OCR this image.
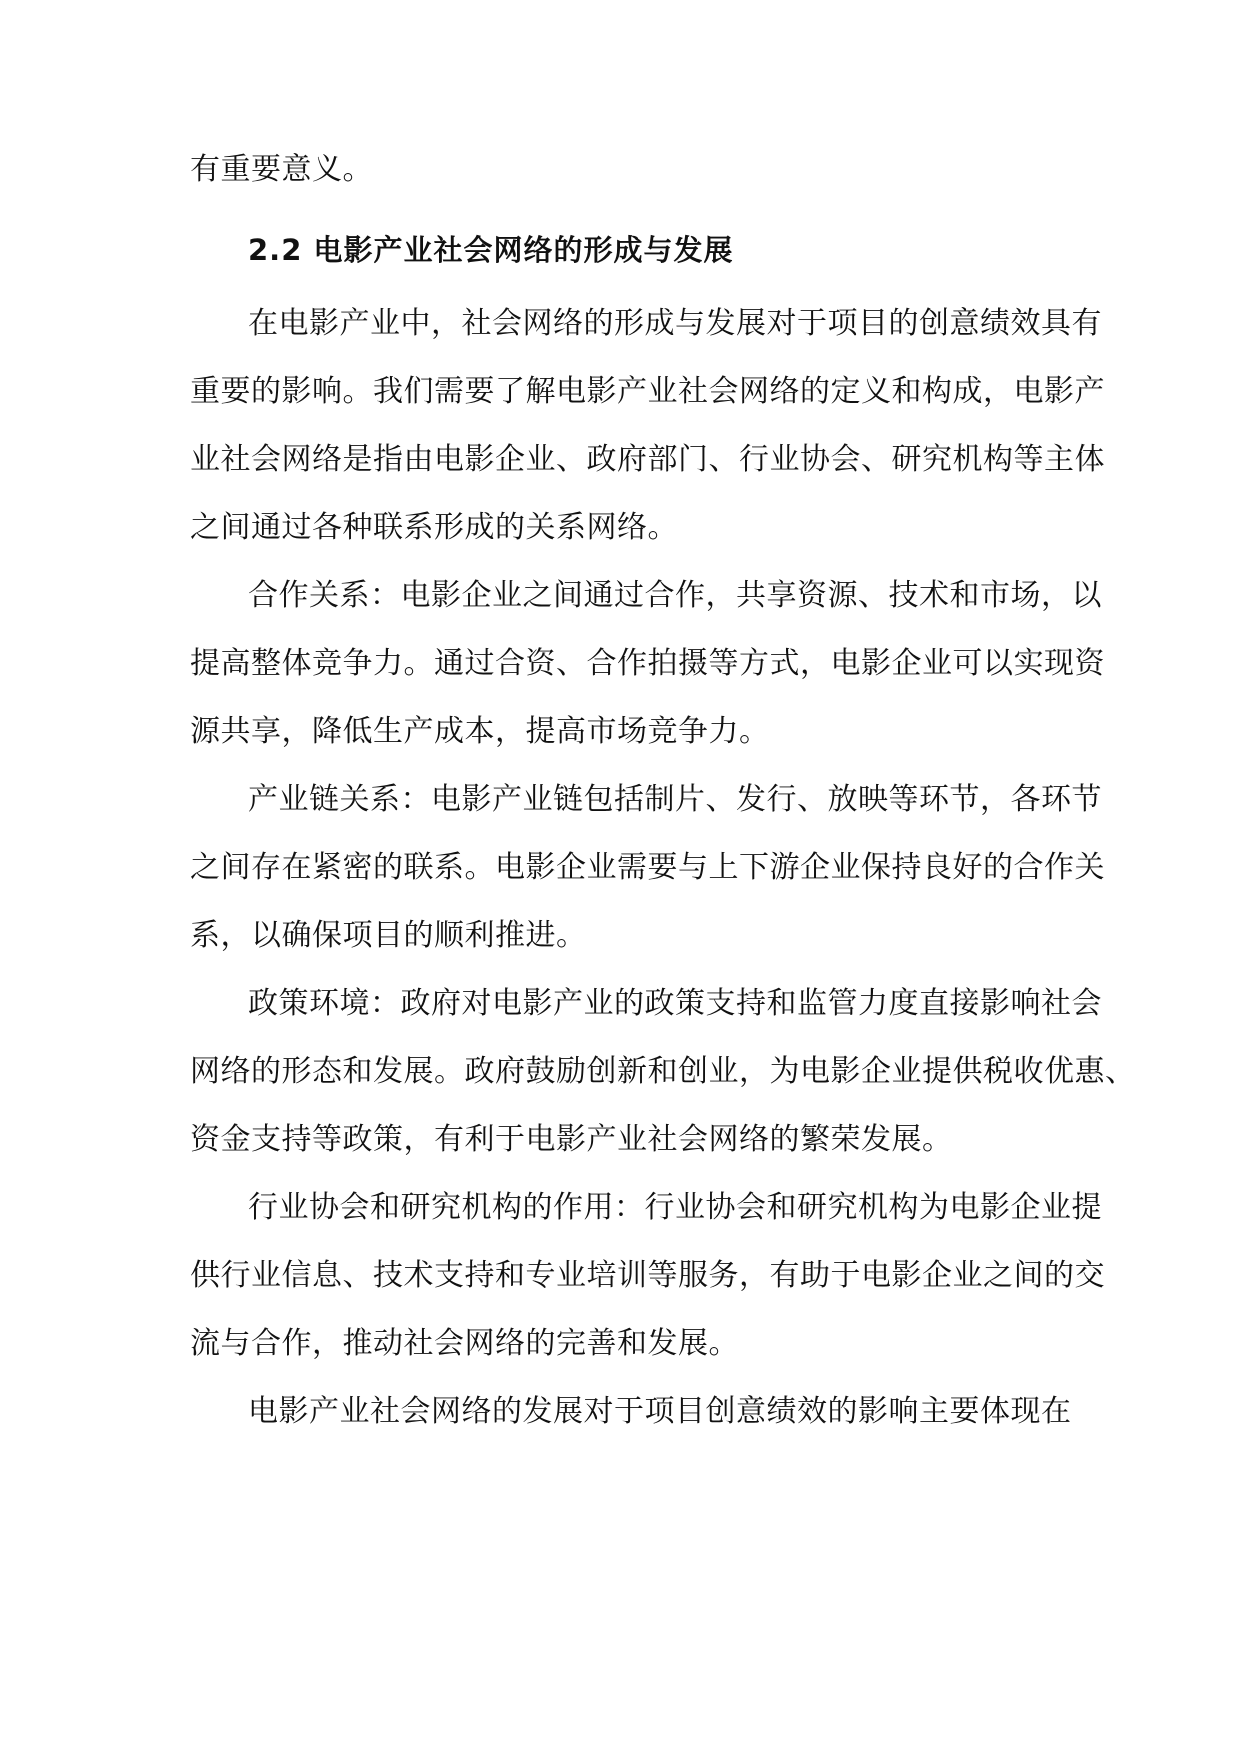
有重要意义。
2.2 电影产业社会网络的形成与发展
在电影产业中，社会网络的形成与发展对于项目的创意绩效具有
重要的影响。我们需要了解电影产业社会网络的定义和构成，电影产
业社会网络是指由电影企业、政府部门、行业协会、研究机构等主体
之间通过各种联系形成的关系网络。
合作关系：电影企业之间通过合作，共享资源、技术和市场，以
提高整体竞争力。通过合资、合作拍摄等方式，电影企业可以实现资
源共享，降低生产成本，提高市场竞争力。
产业链关系：电影产业链包括制片、发行、放映等环节，各环节
之间存在紧密的联系。电影企业需要与上下游企业保持良好的合作关
系，以确保项目的顺利推进。
政策环境：政府对电影产业的政策支持和监管力度直接影响社会
网络的形态和发展。政府鼓励创新和创业，为电影企业提供税收优惠、
资金支持等政策，有利于电影产业社会网络的繁荣发展。
行业协会和研究机构的作用：行业协会和研究机构为电影企业提
供行业信息、技术支持和专业培训等服务，有助于电影企业之间的交
流与合作，推动社会网络的完善和发展。
电影产业社会网络的发展对于项目创意绩效的影响主要体现在
